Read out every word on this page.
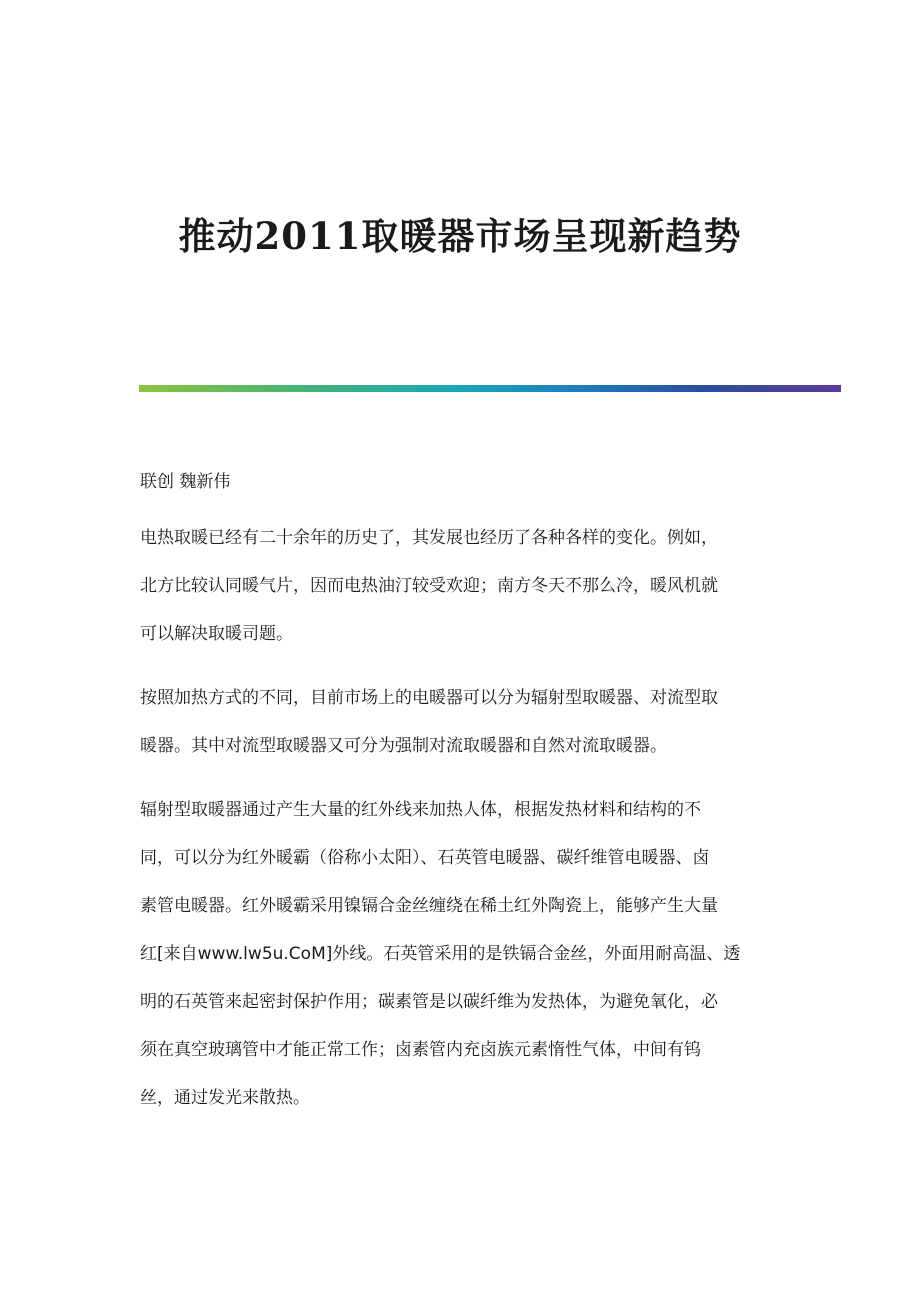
推动2011取暖器市场呈现新趋势

联创 魏新伟

电热取暖已经有二十余年的历史了，其发展也经历了各种各样的变化。例如，
北方比较认同暖气片，因而电热油汀较受欢迎；南方冬天不那么冷，暖风机就
可以解决取暖司题。
按照加热方式的不同，目前市场上的电暖器可以分为辐射型取暖器、对流型取
暖器。其中对流型取暖器又可分为强制对流取暖器和自然对流取暖器。
辐射型取暖器通过产生大量的红外线来加热人体，根据发热材料和结构的不
同，可以分为红外暖霸（俗称小太阳）、石英管电暖器、碳纤维管电暖器、卤
素管电暖器。红外暖霸采用镍镉合金丝缠绕在稀土红外陶瓷上，能够产生大量
红[来自www.lw5u.CoM]外线。石英管采用的是铁镉合金丝，外面用耐高温、透
明的石英管来起密封保护作用；碳素管是以碳纤维为发热体，为避免氧化，必
须在真空玻璃管中才能正常工作；卤素管内充卤族元素惰性气体，中间有钨
丝，通过发光来散热。
